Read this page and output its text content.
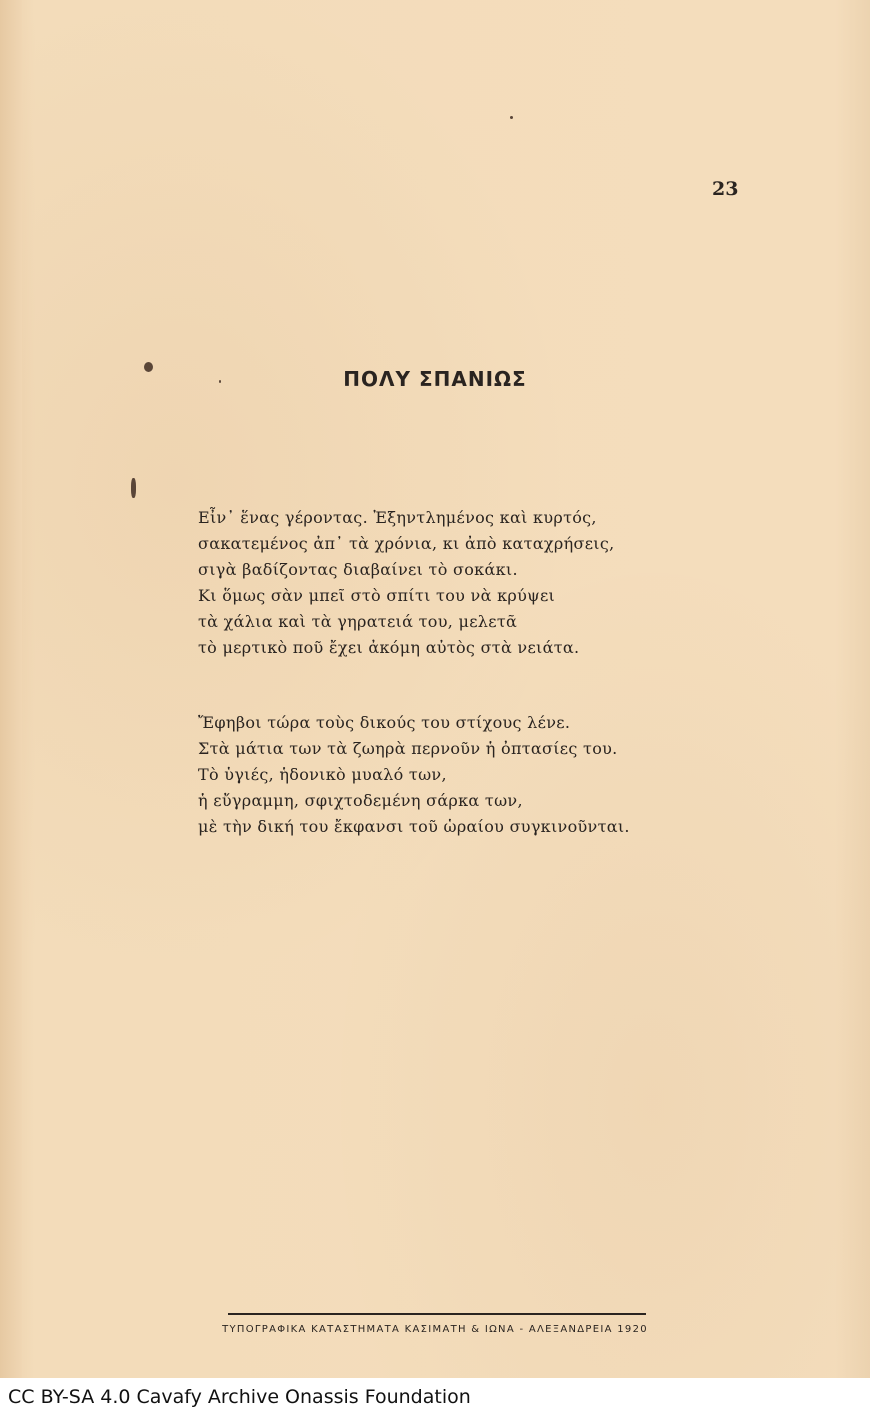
23
ΠΟΛΥ ΣΠΑΝΙΩΣ
Εἶν᾿ ἕνας γέροντας. Ἐξηντλημένος καὶ κυρτός,
σακατεμένος ἀπ᾿ τὰ χρόνια, κι ἀπὸ καταχρήσεις,
σιγὰ βαδίζοντας διαβαίνει τὸ σοκάκι.
Κι ὅμως σὰν μπεῖ στὸ σπίτι του νὰ κρύψει
τὰ χάλια καὶ τὰ γηρατειά του, μελετᾶ
τὸ μερτικὸ ποῦ ἔχει ἀκόμη αὐτὸς στὰ νειάτα.
Ἔφηβοι τώρα τοὺς δικούς του στίχους λένε.
Στὰ μάτια των τὰ ζωηρὰ περνοῦν ἡ ὀπτασίες του.
Τὸ ὑγιές, ἡδονικὸ μυαλό των,
ἡ εὔγραμμη, σφιχτοδεμένη σάρκα των,
μὲ τὴν δική του ἔκφανσι τοῦ ὡραίου συγκινοῦνται.
ΤΥΠΟΓΡΑΦΙΚΑ ΚΑΤΑΣΤΗΜΑΤΑ ΚΑΣΙΜΑΤΗ & ΙΩΝΑ - ΑΛΕΞΑΝΔΡΕΙΑ 1920
CC BY-SA 4.0 Cavafy Archive Onassis Foundation
